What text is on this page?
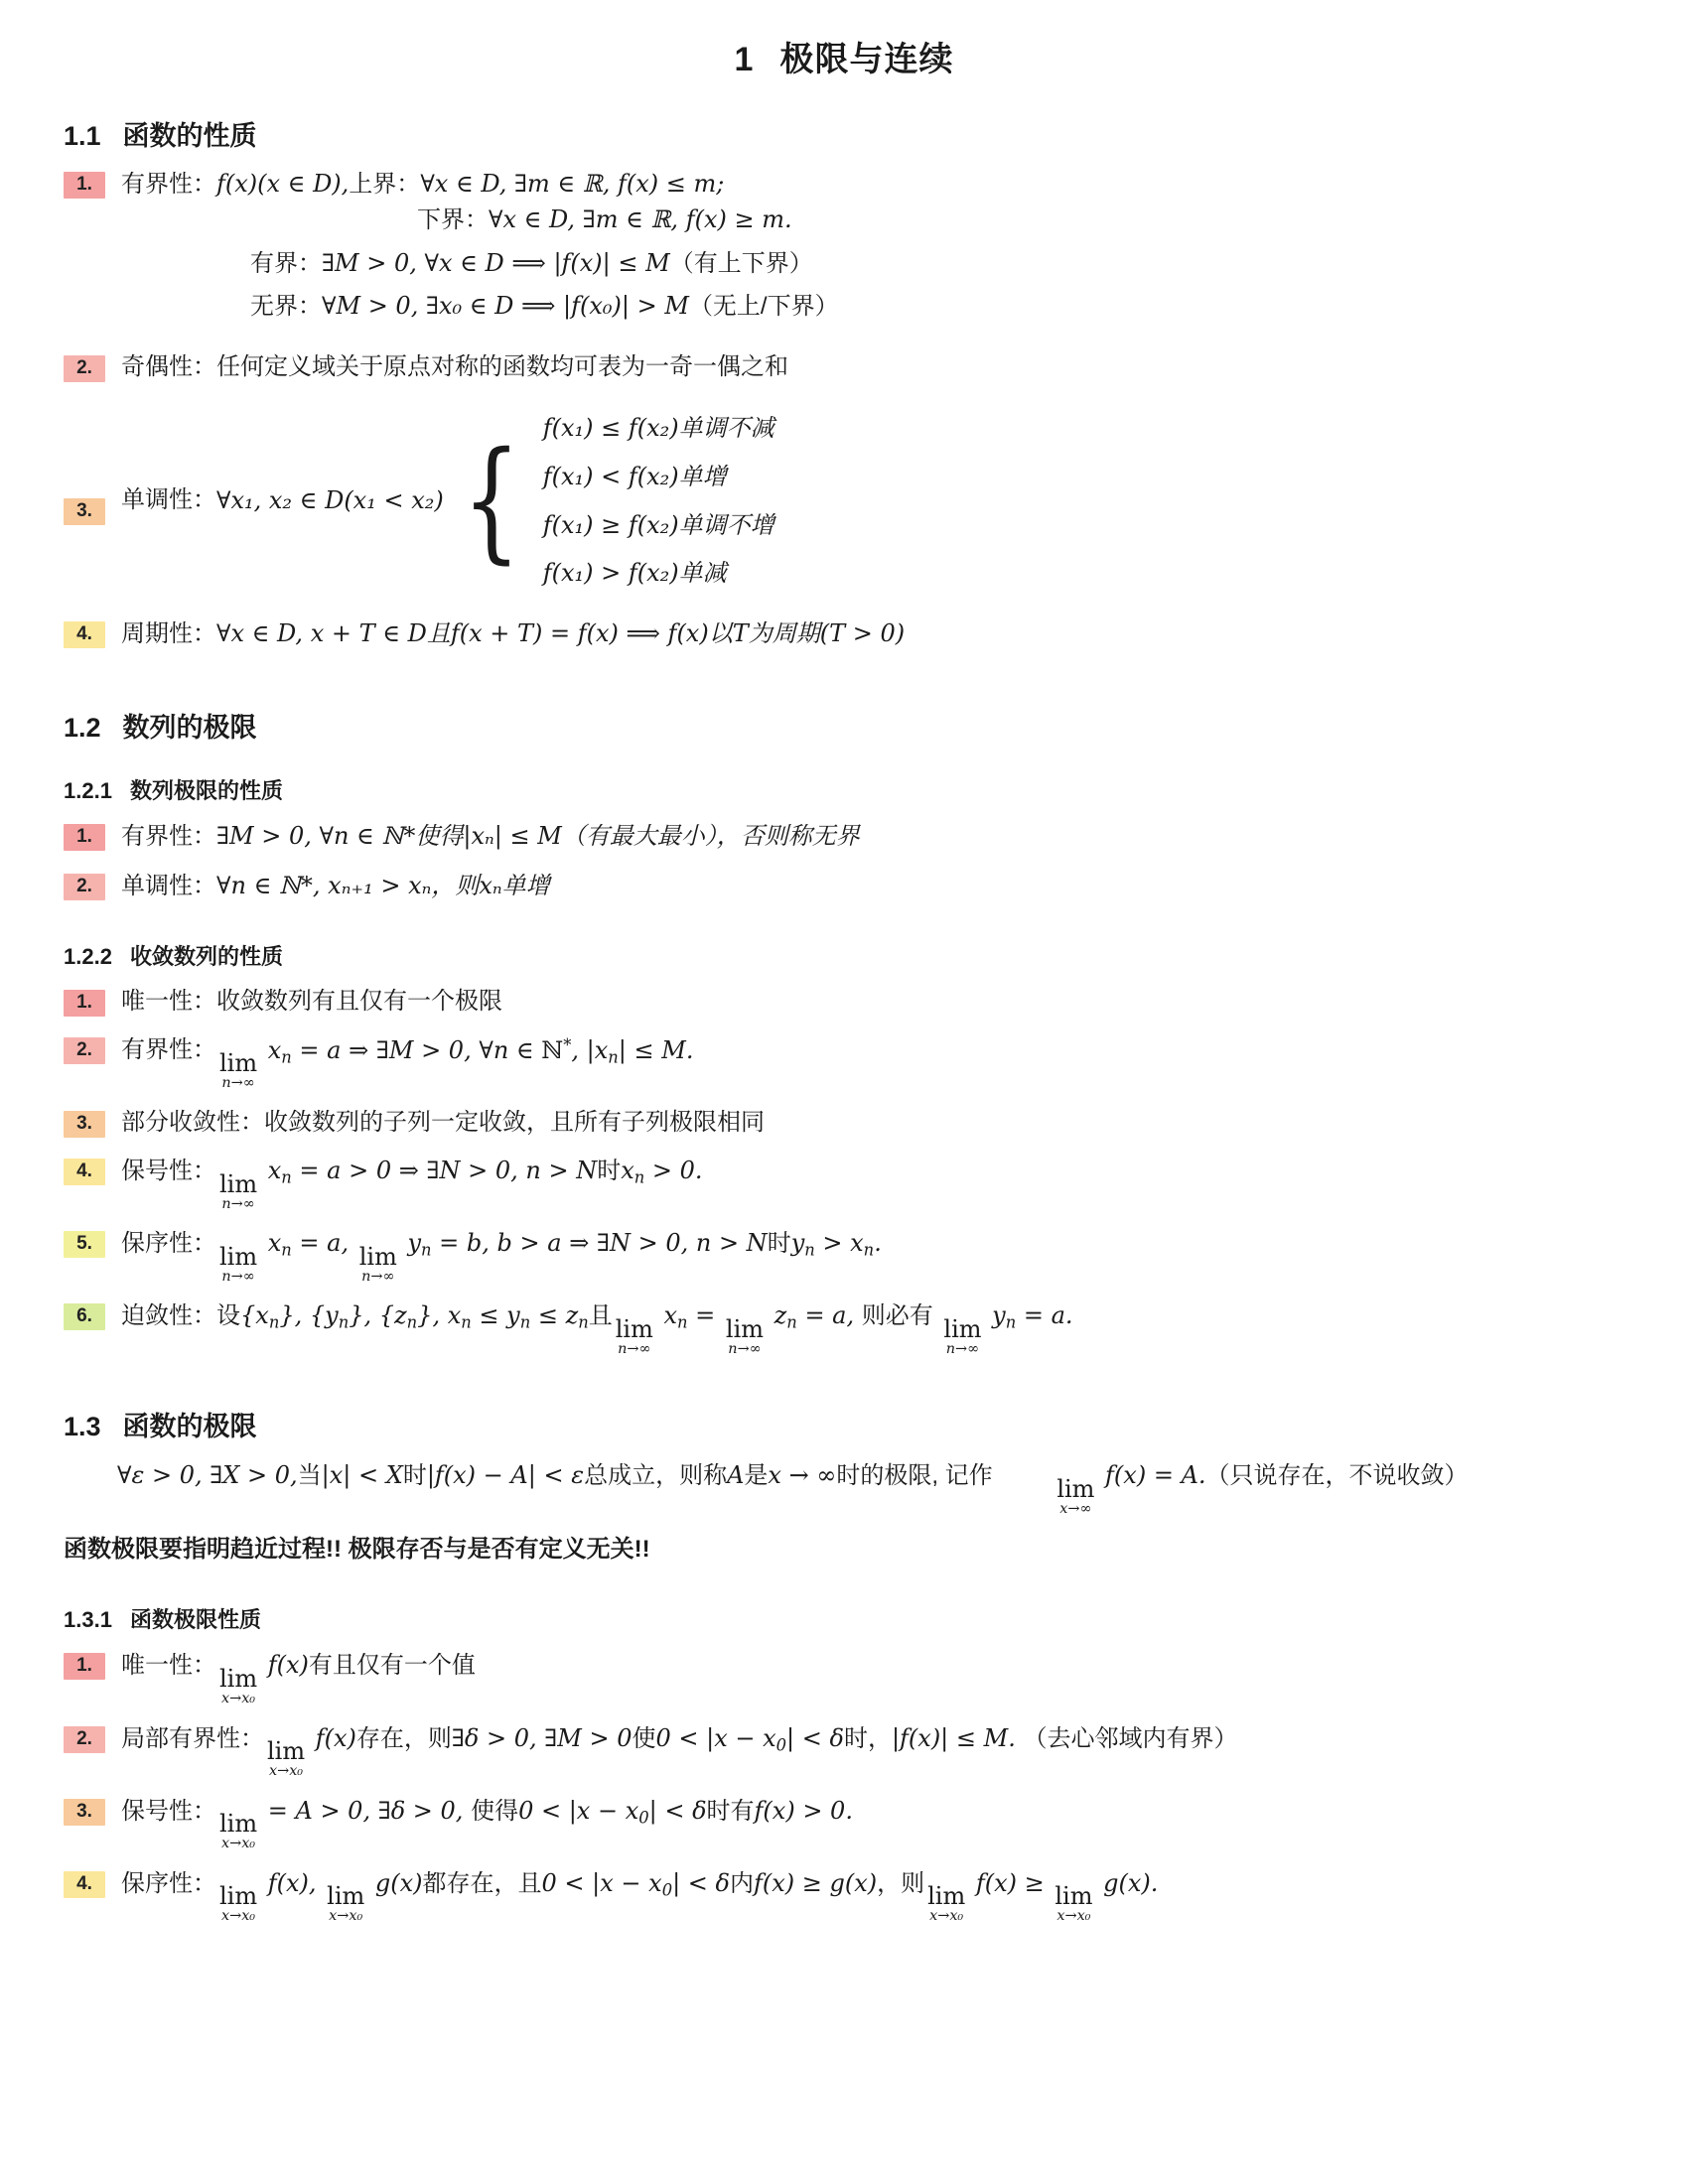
1 极限与连续
1.1 函数的性质
1.	有界性：f(x)(x ∈ D),上界：∀x ∈ D, ∃m ∈ ℝ, f(x) ≤ m;
下界：∀x ∈ D, ∃m ∈ ℝ, f(x) ≥ m.
有界：∃M > 0, ∀x ∈ D ⟹ |f(x)| ≤ M（有上下界）
无界：∀M > 0, ∃x₀ ∈ D ⟹ |f(x₀)| > M（无上/下界）
2.	奇偶性：任何定义域关于原点对称的函数均可表为一奇一偶之和
3.	单调性： ∀x₁, x₂ ∈ D(x₁ < x₂) { f(x₁) ≤ f(x₂)单调不减
f(x₁) < f(x₂)单增
f(x₁) ≥ f(x₂)单调不增
f(x₁) > f(x₂)单减
4.	周期性：∀x ∈ D, x + T ∈ D且f(x + T) = f(x) ⟹ f(x)以T为周期(T > 0)
1.2 数列的极限
1.2.1 数列极限的性质
1.	有界性：∃M > 0, ∀n ∈ ℕ*使得|xₙ| ≤ M（有最大最小），否则称无界
2.	单调性：∀n ∈ ℕ*, xₙ₊₁ > xₙ，则xₙ单增
1.2.2 收敛数列的性质
1.	唯一性：收敛数列有且仅有一个极限
2.	有界性： lim
n→∞
$x_n = a$ ⇒ ∃M > 0, ∀n ∈ ℕ*, $|x_n| \le M$.
3.	部分收敛性：收敛数列的子列一定收敛，且所有子列极限相同
4.	保号性： lim
n→∞
$x_n = a > 0$ ⇒ ∃N > 0, n > N时$x_n > 0$.
5.	保序性： lim
n→∞
$x_n = a$, lim
n→∞
$y_n = b$, b > a ⇒ ∃N > 0, n > N时$y_n > x_n$.
6.	迫敛性：设$\{x_n\}$, $\{y_n\}$, $\{z_n\}$, $x_n \le y_n \le z_n$且 lim
n→∞
$x_n = \lim$
n→∞
$z_n = a$, 则必有 lim
n→∞
$y_n = a$.
1.3 函数的极限
∀ε > 0, ∃X > 0,当|x| < X时|f(x) − A| < ε总成立，则称A是x → ∞时的极限, 记作	lim
x→∞
f(x) = A.（只说存在，不说收敛）
函数极限要指明趋近过程!! 极限存否与是否有定义无关!!
1.3.1 函数极限性质
1.	唯一性： lim
x→x₀
f(x)有且仅有一个值
2.	局部有界性： lim
x→x₀
f(x)存在，则∃δ > 0, ∃M > 0使$0 < |x - x_0| < \delta$时，|f(x)| ≤ M. （去心邻域内有界）
3.	保号性： lim
x→x₀
= A > 0, ∃δ > 0, 使得$0 < |x - x_0| < \delta$时有f(x) > 0.
4.	保序性： lim
x→x₀
f(x), lim
x→x₀
g(x)都存在，且$0 < |x - x_0| < \delta$内f(x) ≥ g(x)，则 lim
x→x₀
f(x) ≥ lim
x→x₀
g(x).
